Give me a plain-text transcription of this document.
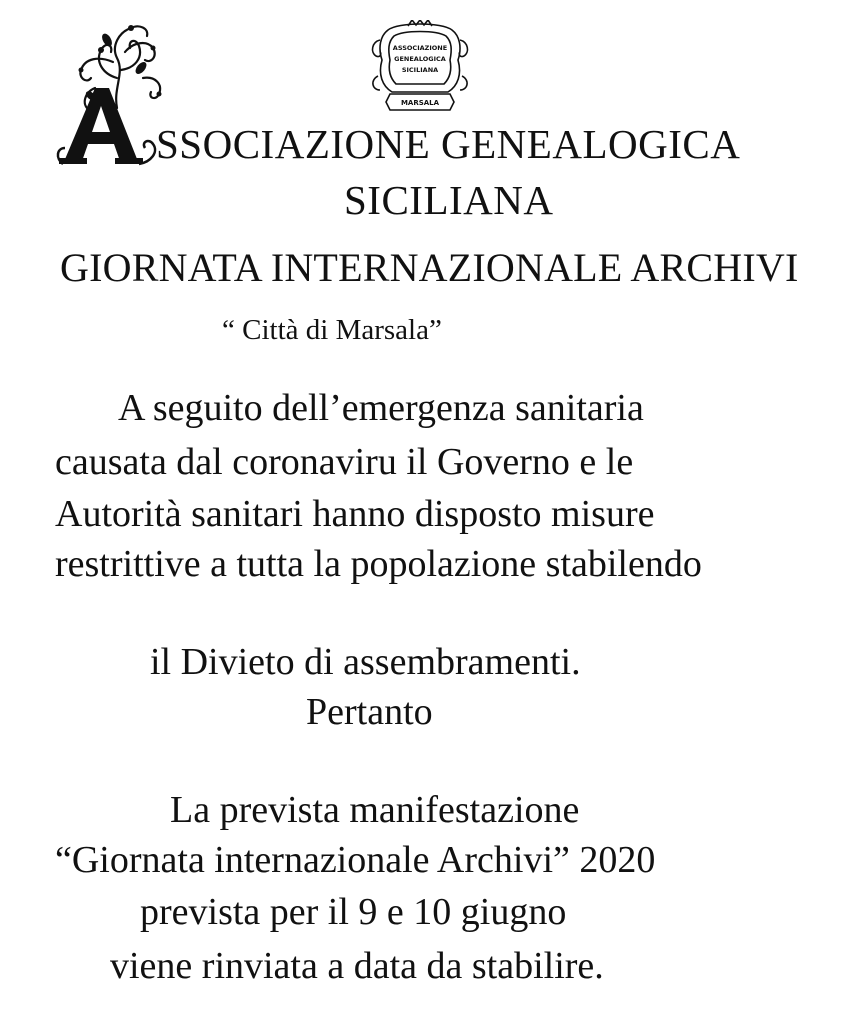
ASSOCIAZIONE
GENEALOGICA
SICILIANA
MARSALA
SSOCIAZIONE GENEALOGICA
SICILIANA
GIORNATA INTERNAZIONALE ARCHIVI
“ Città di Marsala”
A seguito dell’emergenza sanitaria
causata dal coronaviru il Governo e le
Autorità sanitari hanno disposto misure
restrittive a tutta la popolazione stabilendo
il Divieto di assembramenti.
Pertanto
La prevista manifestazione
“Giornata internazionale Archivi” 2020
prevista per il 9 e 10 giugno
viene rinviata a data da stabilire.
